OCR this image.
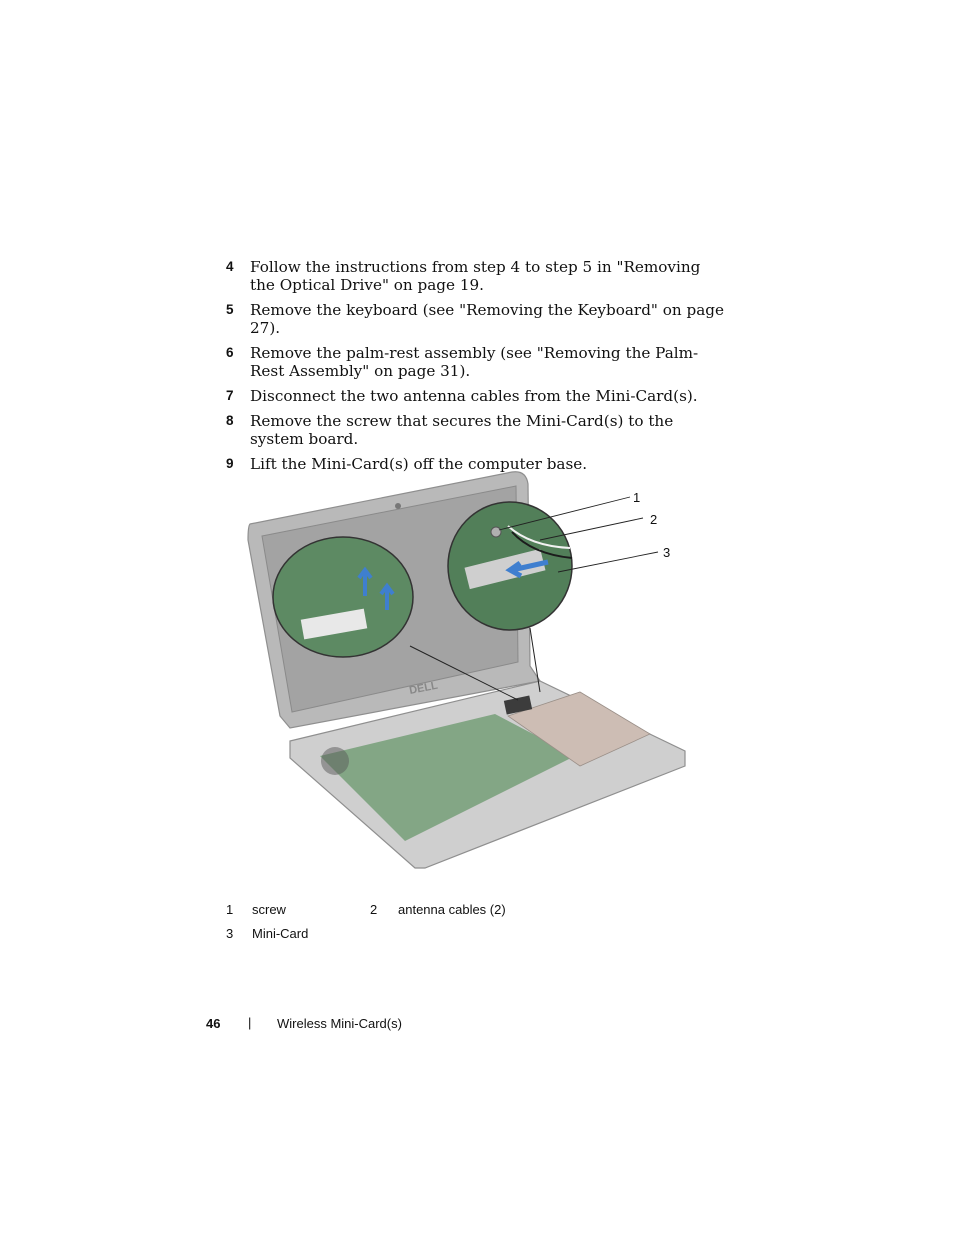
4 Follow the instructions from step 4 to step 5 in "Removing the Optical Drive" on page 19.
5 Remove the keyboard (see "Removing the Keyboard" on page 27).
6 Remove the palm-rest assembly (see "Removing the Palm-Rest Assembly" on page 31).
7 Disconnect the two antenna cables from the Mini-Card(s).
8 Remove the screw that secures the Mini-Card(s) to the system board.
9 Lift the Mini-Card(s) off the computer base.
DELL
1
2
3
1 screw	2 antenna cables (2)
3 Mini-Card
46 | Wireless Mini-Card(s)
